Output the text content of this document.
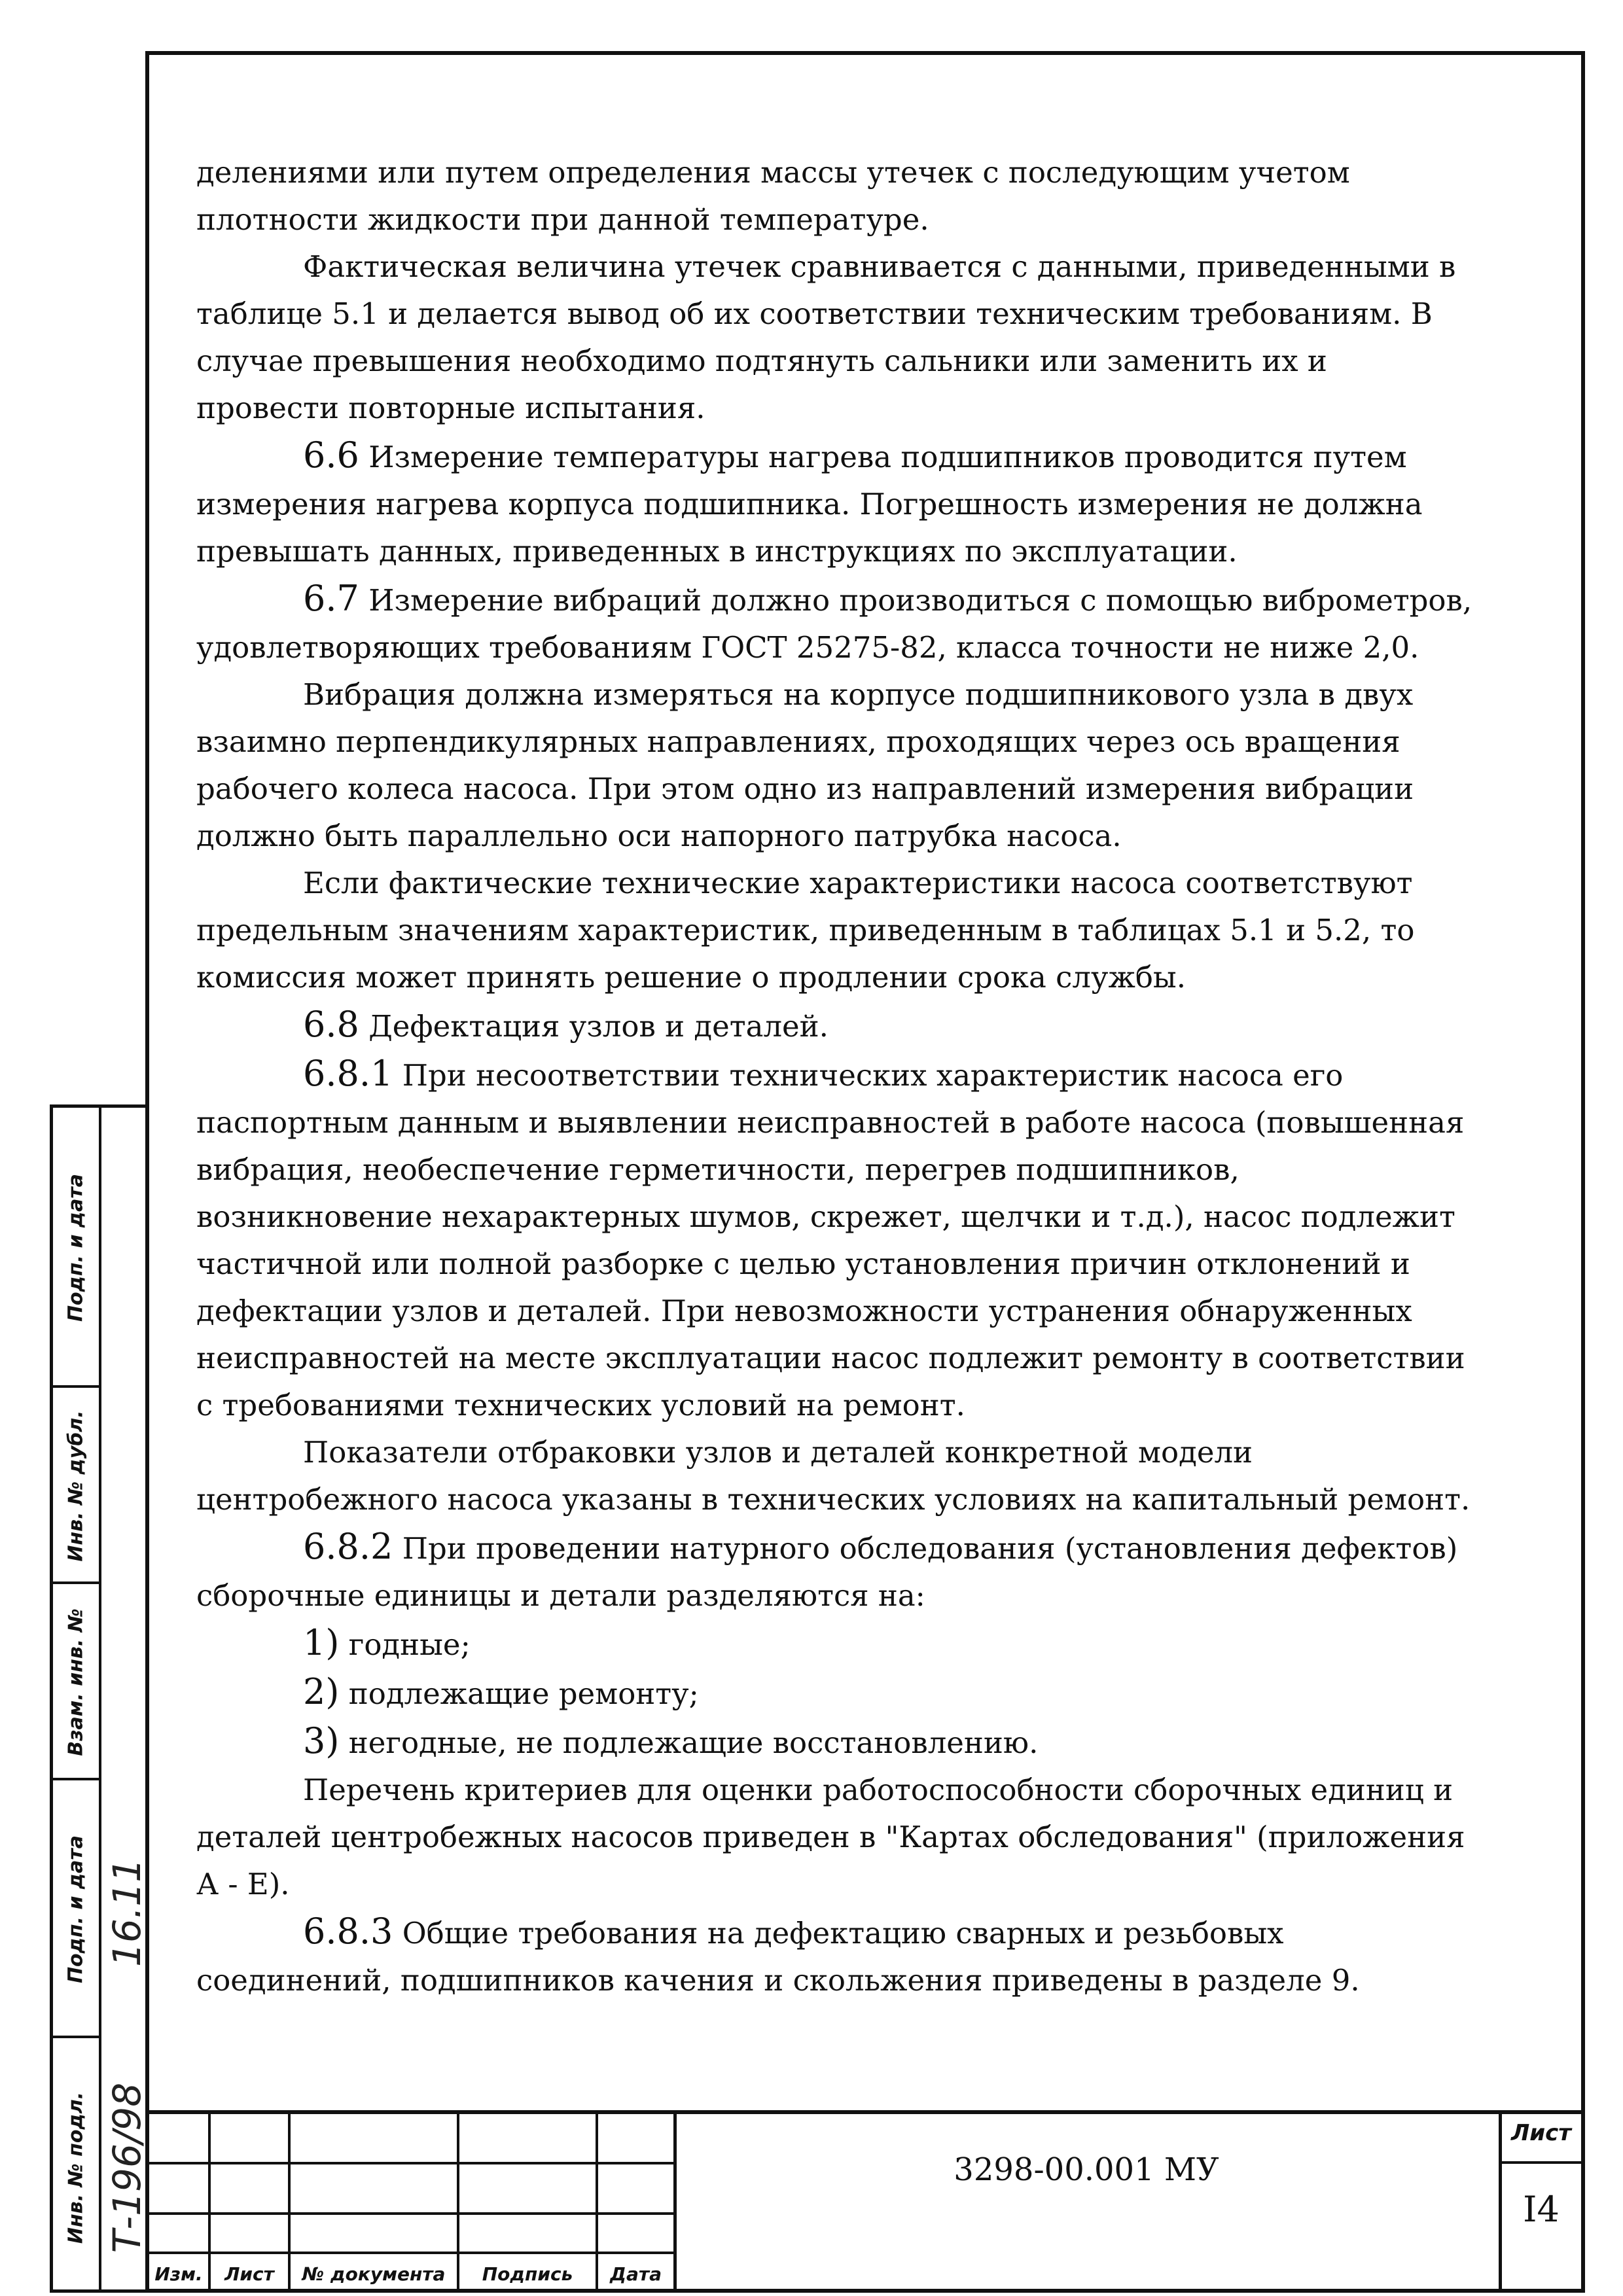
делениями или путем определения массы утечек с последующим учетом плотности жидкости при данной температуре.

Фактическая величина утечек сравнивается с данными, приведенными в таблице 5.1 и делается вывод об их соответствии техническим требованиям. В случае превышения необходимо подтянуть сальники или заменить их и провести повторные испытания.

6.6 Измерение температуры нагрева подшипников проводится путем измерения нагрева корпуса подшипника. Погрешность измерения не должна превышать данных, приведенных в инструкциях по эксплуатации.

6.7 Измерение вибраций должно производиться с помощью виброметров, удовлетворяющих требованиям ГОСТ 25275-82, класса точности не ниже 2,0.

Вибрация должна измеряться на корпусе подшипникового узла в двух взаимно перпендикулярных направлениях, проходящих через ось вращения рабочего колеса насоса. При этом одно из направлений измерения вибрации должно быть параллельно оси напорного патрубка насоса.

Если фактические технические характеристики насоса соответствуют предельным значениям характеристик, приведенным в таблицах 5.1 и 5.2, то комиссия может принять решение о продлении срока службы.

6.8 Дефектация узлов и деталей.

6.8.1 При несоответствии технических характеристик насоса его паспортным данным и выявлении неисправностей в работе насоса (повышенная вибрация, необеспечение герметичности, перегрев подшипников, возникновение нехарактерных шумов, скрежет, щелчки и т.д.), насос подлежит частичной или полной разборке с целью установления причин отклонений и дефектации узлов и деталей. При невозможности устранения обнаруженных неисправностей на месте эксплуатации насос подлежит ремонту в соответствии с требованиями технических условий на ремонт.

Показатели отбраковки узлов и деталей конкретной модели центробежного насоса указаны в технических условиях на капитальный ремонт.

6.8.2 При проведении натурного обследования (установления дефектов) сборочные единицы и детали разделяются на:

1) годные;

2) подлежащие ремонту;

3) негодные, не подлежащие восстановлению.

Перечень критериев для оценки работоспособности сборочных единиц и деталей центробежных насосов приведен в "Картах обследования" (приложения А - Е).

6.8.3 Общие требования на дефектацию сварных и резьбовых соединений, подшипников качения и скольжения приведены в разделе 9.

Подп. и дата
Инв. № дубл.
Взам. инв. №
Подп. и дата
Инв. № подл.
16.11
Т-196/98
Изм.	Лист	№ документа	Подпись	Дата
3298-00.001 МУ
Лист
I4
